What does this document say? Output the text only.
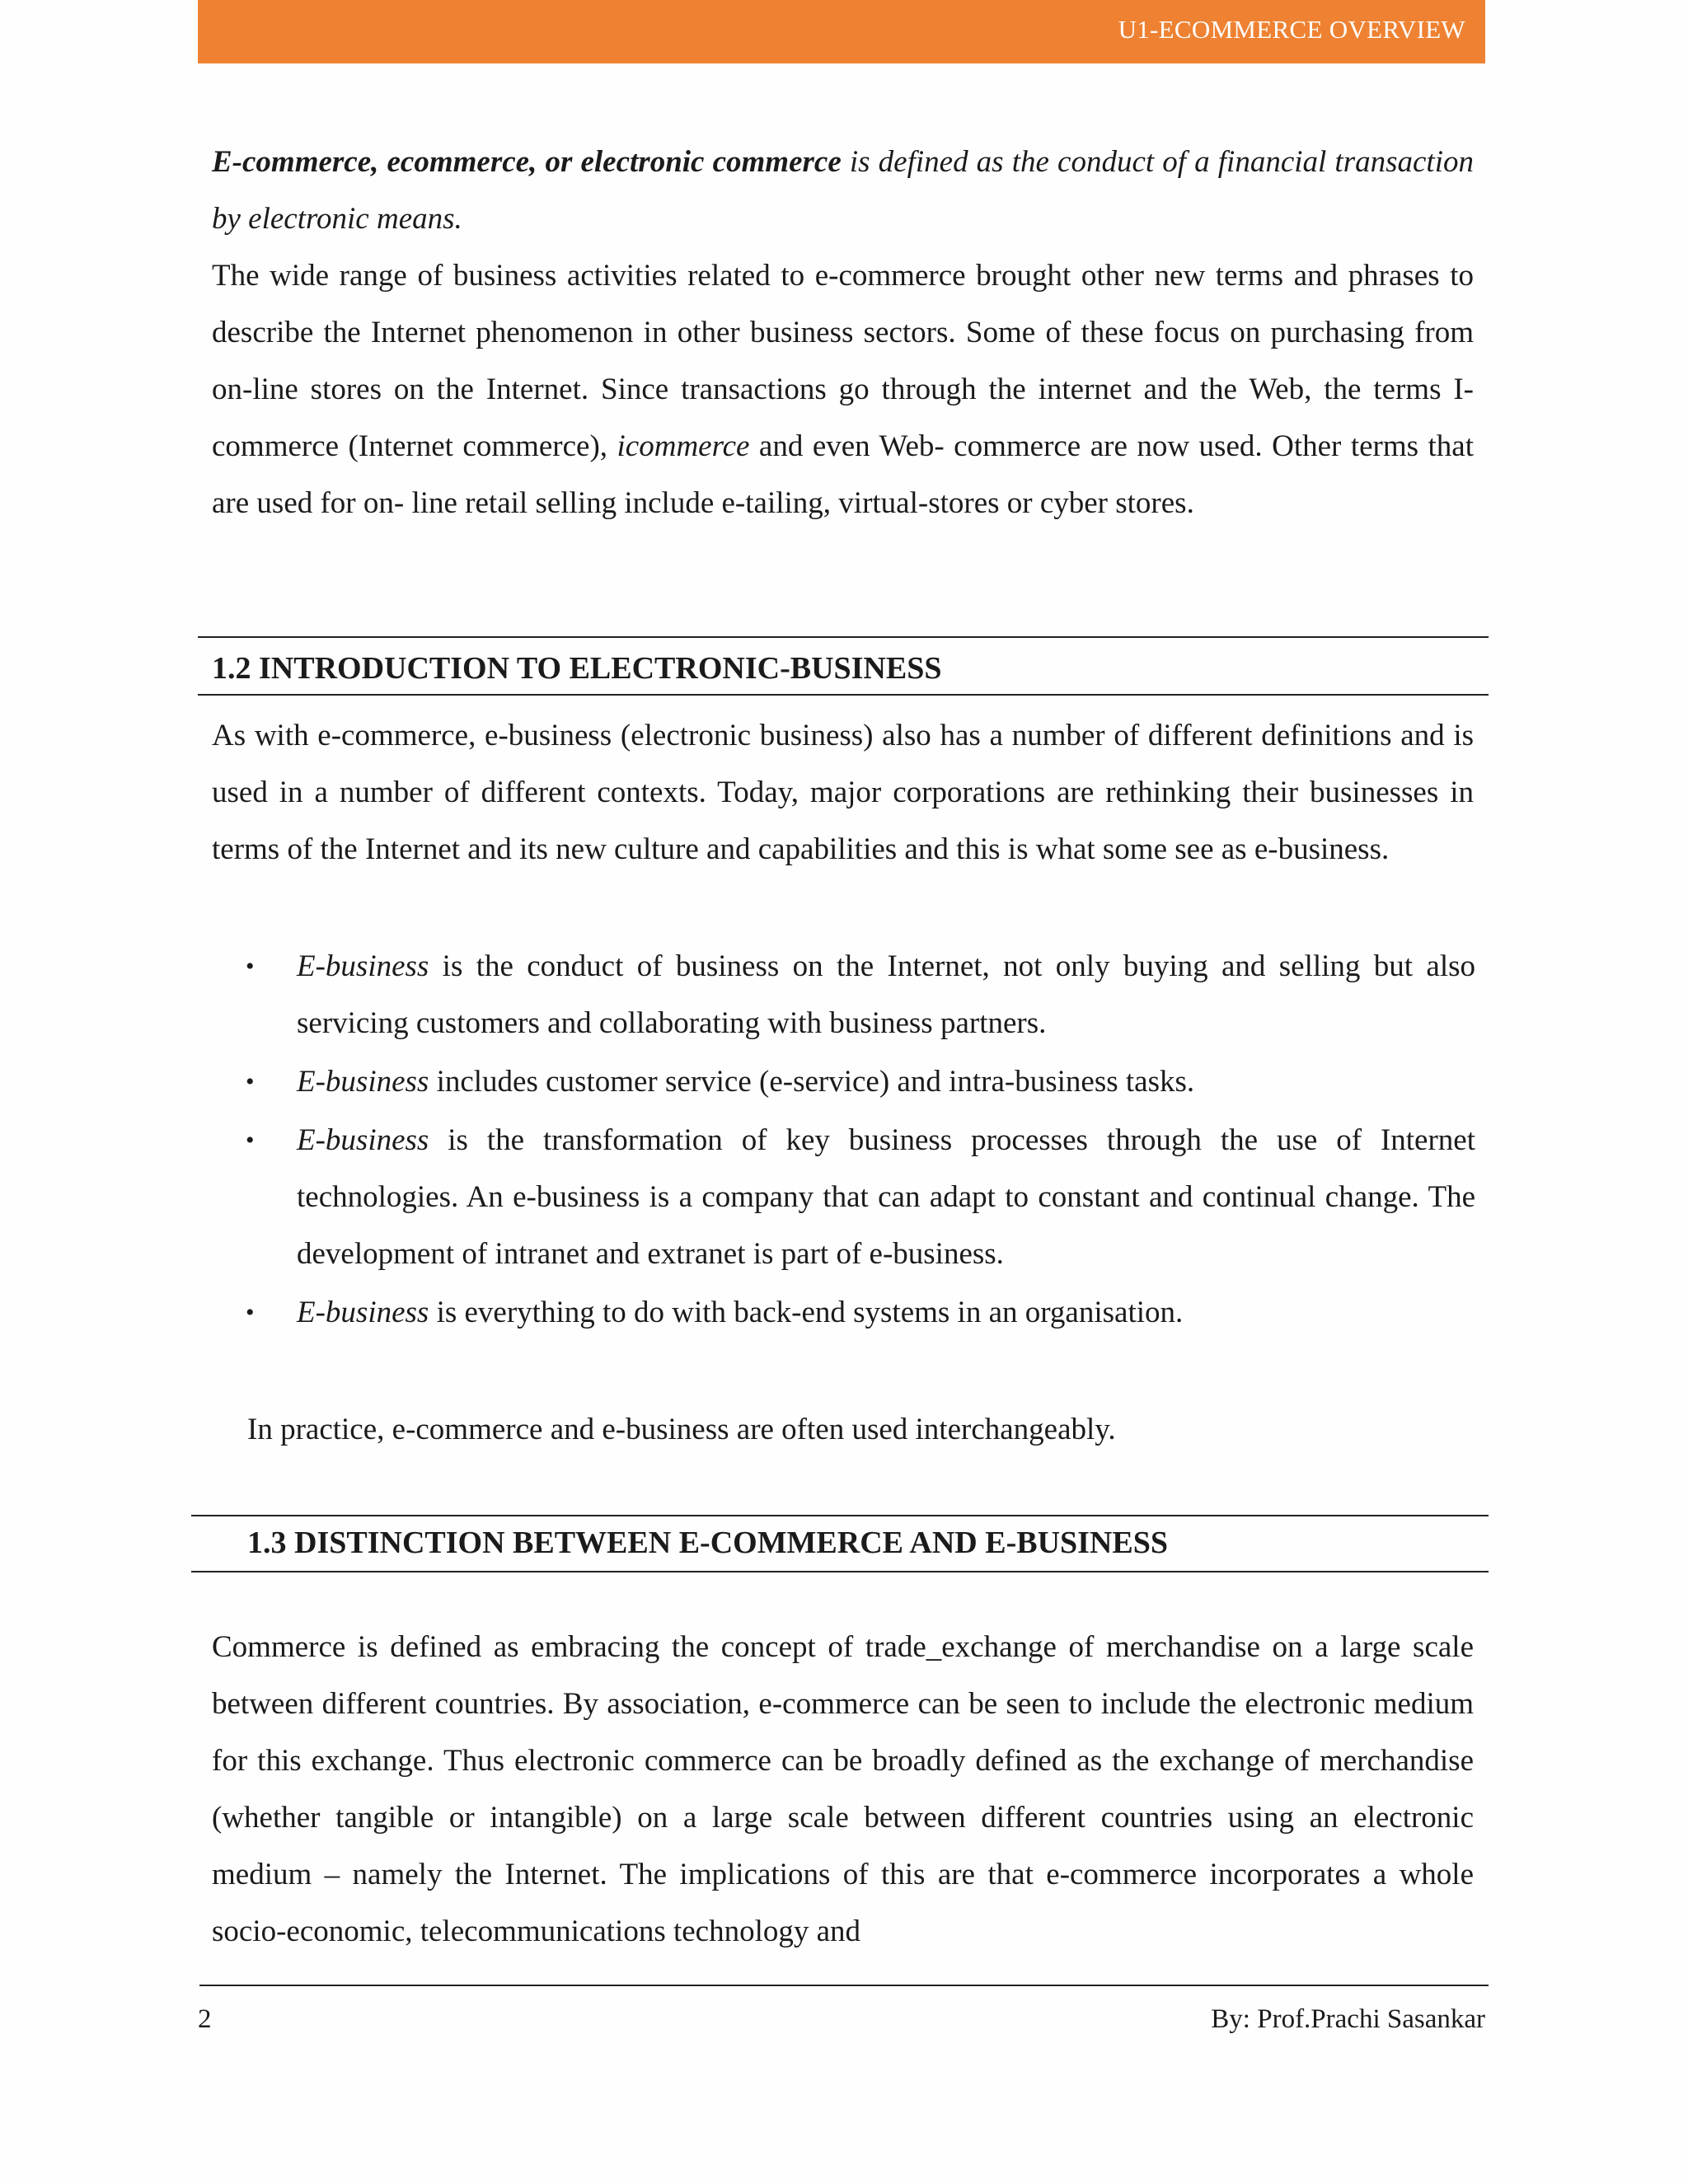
U1-ECOMMERCE OVERVIEW

E-commerce, ecommerce, or electronic commerce is defined as the conduct of a financial transaction by electronic means.

The wide range of business activities related to e-commerce brought other new terms and phrases to describe the Internet phenomenon in other business sectors. Some of these focus on purchasing from on-line stores on the Internet. Since transactions go through the internet and the Web, the terms I-commerce (Internet commerce), icommerce and even Web- commerce are now used. Other terms that are used for on- line retail selling include e-tailing, virtual-stores or cyber stores.

1.2 INTRODUCTION TO ELECTRONIC-BUSINESS

As with e-commerce, e-business (electronic business) also has a number of different definitions and is used in a number of different contexts. Today, major corporations are rethinking their businesses in terms of the Internet and its new culture and capabilities and this is what some see as e-business.

• E-business is the conduct of business on the Internet, not only buying and selling but also servicing customers and collaborating with business partners.
• E-business includes customer service (e-service) and intra-business tasks.
• E-business is the transformation of key business processes through the use of Internet technologies. An e-business is a company that can adapt to constant and continual change. The development of intranet and extranet is part of e-business.
• E-business is everything to do with back-end systems in an organisation.

In practice, e-commerce and e-business are often used interchangeably.

1.3 DISTINCTION BETWEEN E-COMMERCE AND E-BUSINESS

Commerce is defined as embracing the concept of trade_exchange of merchandise on a large scale between different countries. By association, e-commerce can be seen to include the electronic medium for this exchange. Thus electronic commerce can be broadly defined as the exchange of merchandise (whether tangible or intangible) on a large scale between different countries using an electronic medium – namely the Internet. The implications of this are that e-commerce incorporates a whole socio-economic, telecommunications technology and

2	By: Prof.Prachi Sasankar
